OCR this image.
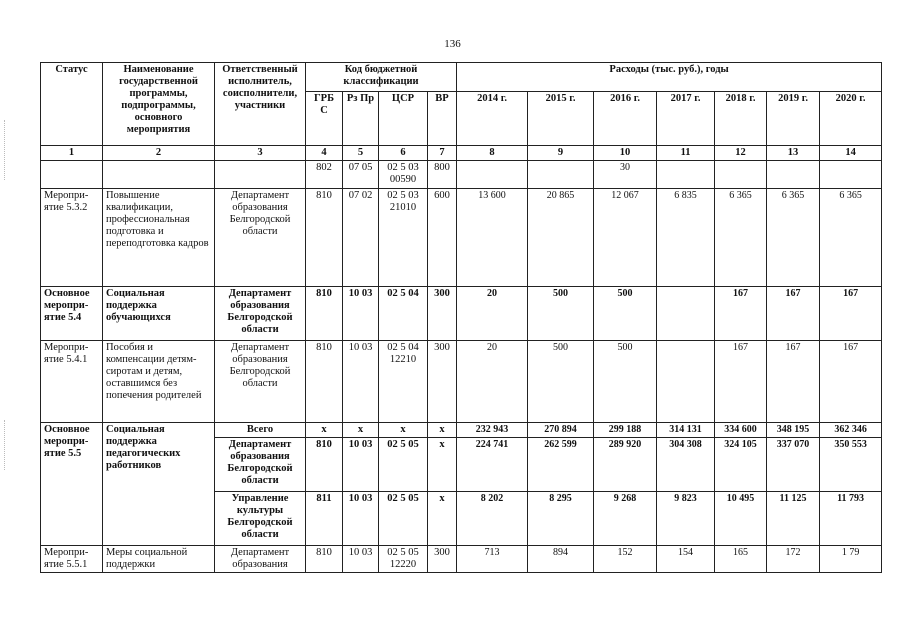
136
Статус	Наименование государственной программы, подпрограммы, основного мероприятия	Ответственный исполнитель, соисполнители, участники	Код бюджетной классификации				Расходы (тыс. руб.), годы						
			ГРБ С	Рз Пр	ЦСР	ВР	2014 г.	2015 г.	2016 г.	2017 г.	2018 г.	2019 г.	2020 г.
1	2	3	4	5	6	7	8	9	10	11	12	13	14
			802	07 05	02 5 03 00590	800			30				
Меропри-ятие 5.3.2	Повышение квалификации, профессиональная подготовка и переподготовка кадров	Департамент образования Белгородской области	810	07 02	02 5 03 21010	600	13 600	20 865	12 067	6 835	6 365	6 365	6 365
Основное меропри-ятие 5.4	Социальная поддержка обучающихся	Департамент образования Белгородской области	810	10 03	02 5 04	300	20	500	500		167	167	167
Меропри-ятие 5.4.1	Пособия и компенсации детям-сиротам и детям, оставшимся без попечения родителей	Департамент образования Белгородской области	810	10 03	02 5 04 12210	300	20	500	500		167	167	167
Основное меропри-ятие 5.5	Социальная поддержка педагогических работников	Всего	х	х	х	х	232 943	270 894	299 188	314 131	334 600	348 195	362 346
		Департамент образования Белгородской области	810	10 03	02 5 05	х	224 741	262 599	289 920	304 308	324 105	337 070	350 553
		Управление культуры Белгородской области	811	10 03	02 5 05	х	8 202	8 295	9 268	9 823	10 495	11 125	11 793
Меропри-ятие 5.5.1	Меры социальной поддержки	Департамент образования	810	10 03	02 5 05 12220	300	713	894	152	154	165	172	1 79
